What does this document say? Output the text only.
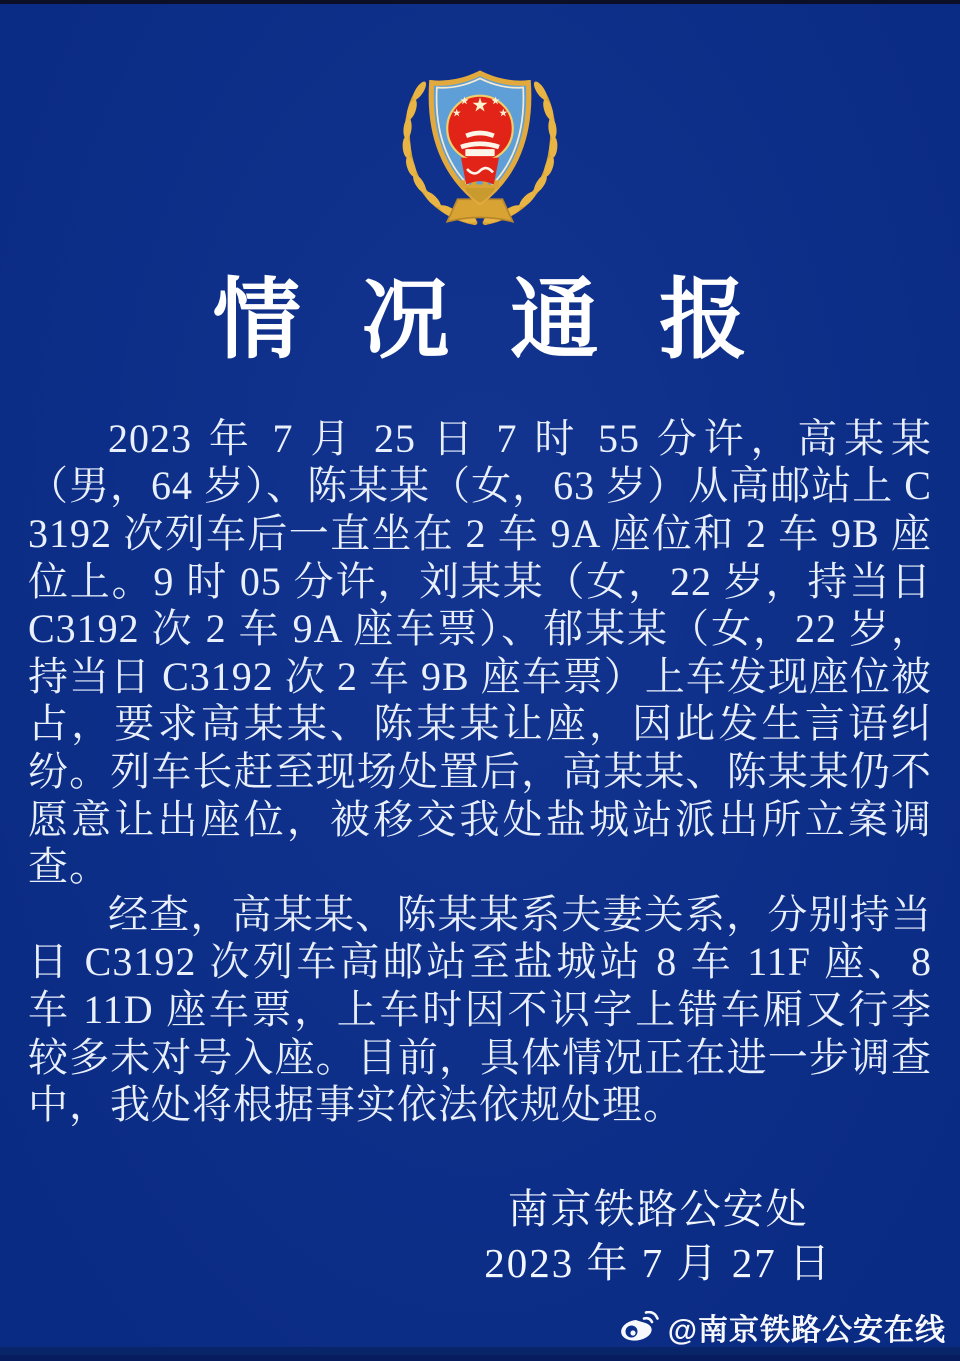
情 况 通 报

2023 年 7 月 25 日 7 时 55 分许，高某某（男，64 岁）、陈某某（女，63 岁）从高邮站上 C3192 次列车后一直坐在 2 车 9A 座位和 2 车 9B 座位上。9 时 05 分许，刘某某（女，22 岁，持当日 C3192 次 2 车 9A 座车票）、郁某某（女，22 岁，持当日 C3192 次 2 车 9B 座车票）上车发现座位被占，要求高某某、陈某某让座，因此发生言语纠纷。列车长赶至现场处置后，高某某、陈某某仍不愿意让出座位，被移交我处盐城站派出所立案调查。

经查，高某某、陈某某系夫妻关系，分别持当日 C3192 次列车高邮站至盐城站 8 车 11F 座、8 车 11D 座车票，上车时因不识字上错车厢又行李较多未对号入座。目前，具体情况正在进一步调查中，我处将根据事实依法依规处理。

南京铁路公安处
2023 年 7 月 27 日
@南京铁路公安在线
